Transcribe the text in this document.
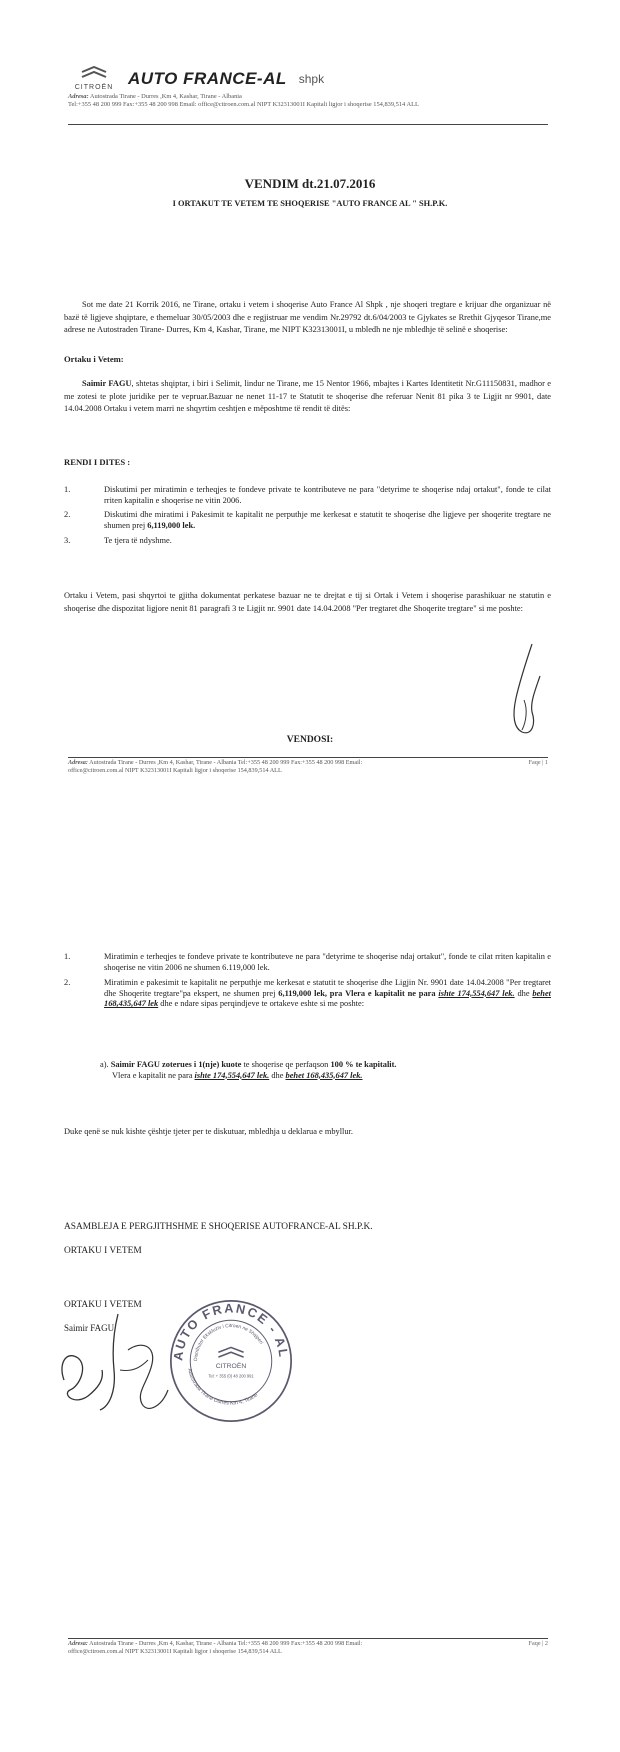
CITROËN AUTO FRANCE-AL shpk
Adresa: Autostrada Tirane - Durres ,Km 4, Kashar, Tirane - Albania
Tel:+355 48 200 999 Fax:+355 48 200 998 Email: office@citroen.com.al NIPT K32313001I Kapitali ligjor i shoqerise 154,839,514 ALL
VENDIM dt.21.07.2016
I ORTAKUT TE VETEM TE SHOQERISE "AUTO FRANCE AL " SH.P.K.
Sot me date 21 Korrik 2016, ne Tirane, ortaku i vetem i shoqerise Auto France Al Shpk , nje shoqeri tregtare e krijuar dhe organizuar në bazë të ligjeve shqiptare, e themeluar 30/05/2003 dhe e regjistruar me vendim Nr.29792 dt.6/04/2003 te Gjykates se Rrethit Gjyqesor Tirane,me adrese ne Autostraden Tirane- Durres, Km 4, Kashar, Tirane, me NIPT K32313001I, u mbledh ne nje mbledhje të selinë e shoqerise:
Ortaku i Vetem:
Saimir FAGU, shtetas shqiptar, i biri i Selimit, lindur ne Tirane, me 15 Nentor 1966, mbajtes i Kartes Identitetit Nr.G11150831, madhor e me zotesi te plote juridike per te vepruar.Bazuar ne nenet 11-17 te Statutit te shoqerise dhe referuar Nenit 81 pika 3 te Ligjit nr 9901, date 14.04.2008 Ortaku i vetem marri ne shqyrtim ceshtjen e mëposhtme të rendit të ditës:
RENDI I DITES :
1.	Diskutimi per miratimin e terheqjes te fondeve private te kontributeve ne para "detyrime te shoqerise ndaj ortakut", fonde te cilat rriten kapitalin e shoqerise ne vitin 2006.
2.	Diskutimi dhe miratimi i Pakesimit te kapitalit ne perputhje me kerkesat e statutit te shoqerise dhe ligjeve per shoqerite tregtare ne shumen prej 6,119,000 lek.
3.	Te tjera të ndyshme.
Ortaku i Vetem, pasi shqyrtoi te gjitha dokumentat perkatese bazuar ne te drejtat e tij si Ortak i Vetem i shoqerise parashikuar ne statutin e shoqerise dhe dispozitat ligjore nenit 81 paragrafi 3 te Ligjit nr. 9901 date 14.04.2008 "Per tregtaret dhe Shoqerite tregtare" si me poshte:
VENDOSI:
Adresa: Autostrada Tirane - Durres ,Km 4, Kashar, Tirane - Albania Tel:+355 48 200 999 Fax:+355 48 200 998 Email:
office@citroen.com.al NIPT K32313001I Kapitali ligjor i shoqerise 154,839,514 ALL
Faqe | 1
1.	Miratimin e terheqjes te fondeve private te kontributeve ne para "detyrime te shoqerise ndaj ortakut", fonde te cilat rriten kapitalin e shoqerise ne vitin 2006 ne shumen 6.119,000 lek.
2.	Miratimin e pakesimit te kapitalit ne perputhje me kerkesat e statutit te shoqerise dhe Ligjin Nr. 9901 date 14.04.2008 "Per tregtaret dhe Shoqerite tregtare"pa ekspert, ne shumen prej 6,119,000 lek, pra Vlera e kapitalit ne para ishte 174,554,647 lek. dhe behet 168,435,647 lek dhe e ndare sipas perqindjeve te ortakeve eshte si me poshte:
a). Saimir FAGU zoterues i 1(nje) kuote te shoqerise qe perfaqson 100 % te kapitalit.
Vlera e kapitalit ne para ishte 174,554,647 lek. dhe behet 168,435,647 lek.
Duke qenë se nuk kishte çështje tjeter per te diskutuar, mbledhja u deklarua e mbyllur.
ASAMBLEJA E PERGJITHSHME E SHOQERISE AUTOFRANCE-AL SH.P.K.
ORTAKU I VETEM
ORTAKU I VETEM
Saimir FAGU
AUTO FRANCE - AL
Distributor Ekskluziv i Citroen ne Shqiperi
Autostrada Tirane Durres Km 4, Tirane
CITROËN
Tel: + 355 (0) 48 200 991
Adresa: Autostrada Tirane - Durres ,Km 4, Kashar, Tirane - Albania Tel:+355 48 200 999 Fax:+355 48 200 998 Email:
office@citroen.com.al NIPT K32313001I Kapitali ligjor i shoqerise 154,839,514 ALL
Faqe | 2
